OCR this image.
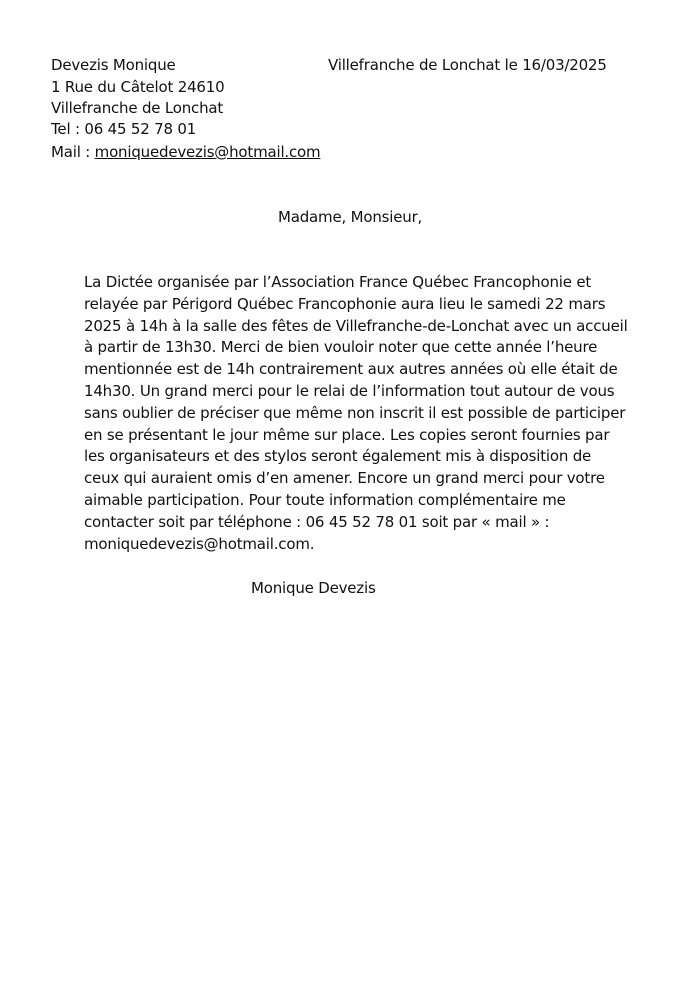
Devezis Monique	Villefranche de Lonchat le 16/03/2025
1 Rue du Câtelot 24610
Villefranche de Lonchat
Tel : 06 45 52 78 01
Mail : moniquedevezis@hotmail.com
Madame, Monsieur,
La Dictée organisée par l’Association France Québec Francophonie et
relayée par Périgord Québec Francophonie aura lieu le samedi 22 mars
2025 à 14h à la salle des fêtes de Villefranche-de-Lonchat avec un accueil
à partir de 13h30. Merci de bien vouloir noter que cette année l’heure
mentionnée est de 14h contrairement aux autres années où elle était de
14h30. Un grand merci pour le relai de l’information tout autour de vous
sans oublier de préciser que même non inscrit il est possible de participer
en se présentant le jour même sur place. Les copies seront fournies par
les organisateurs et des stylos seront également mis à disposition de
ceux qui auraient omis d’en amener. Encore un grand merci pour votre
aimable participation. Pour toute information complémentaire me
contacter soit par téléphone : 06 45 52 78 01 soit par « mail » :
moniquedevezis@hotmail.com.
Monique Devezis
